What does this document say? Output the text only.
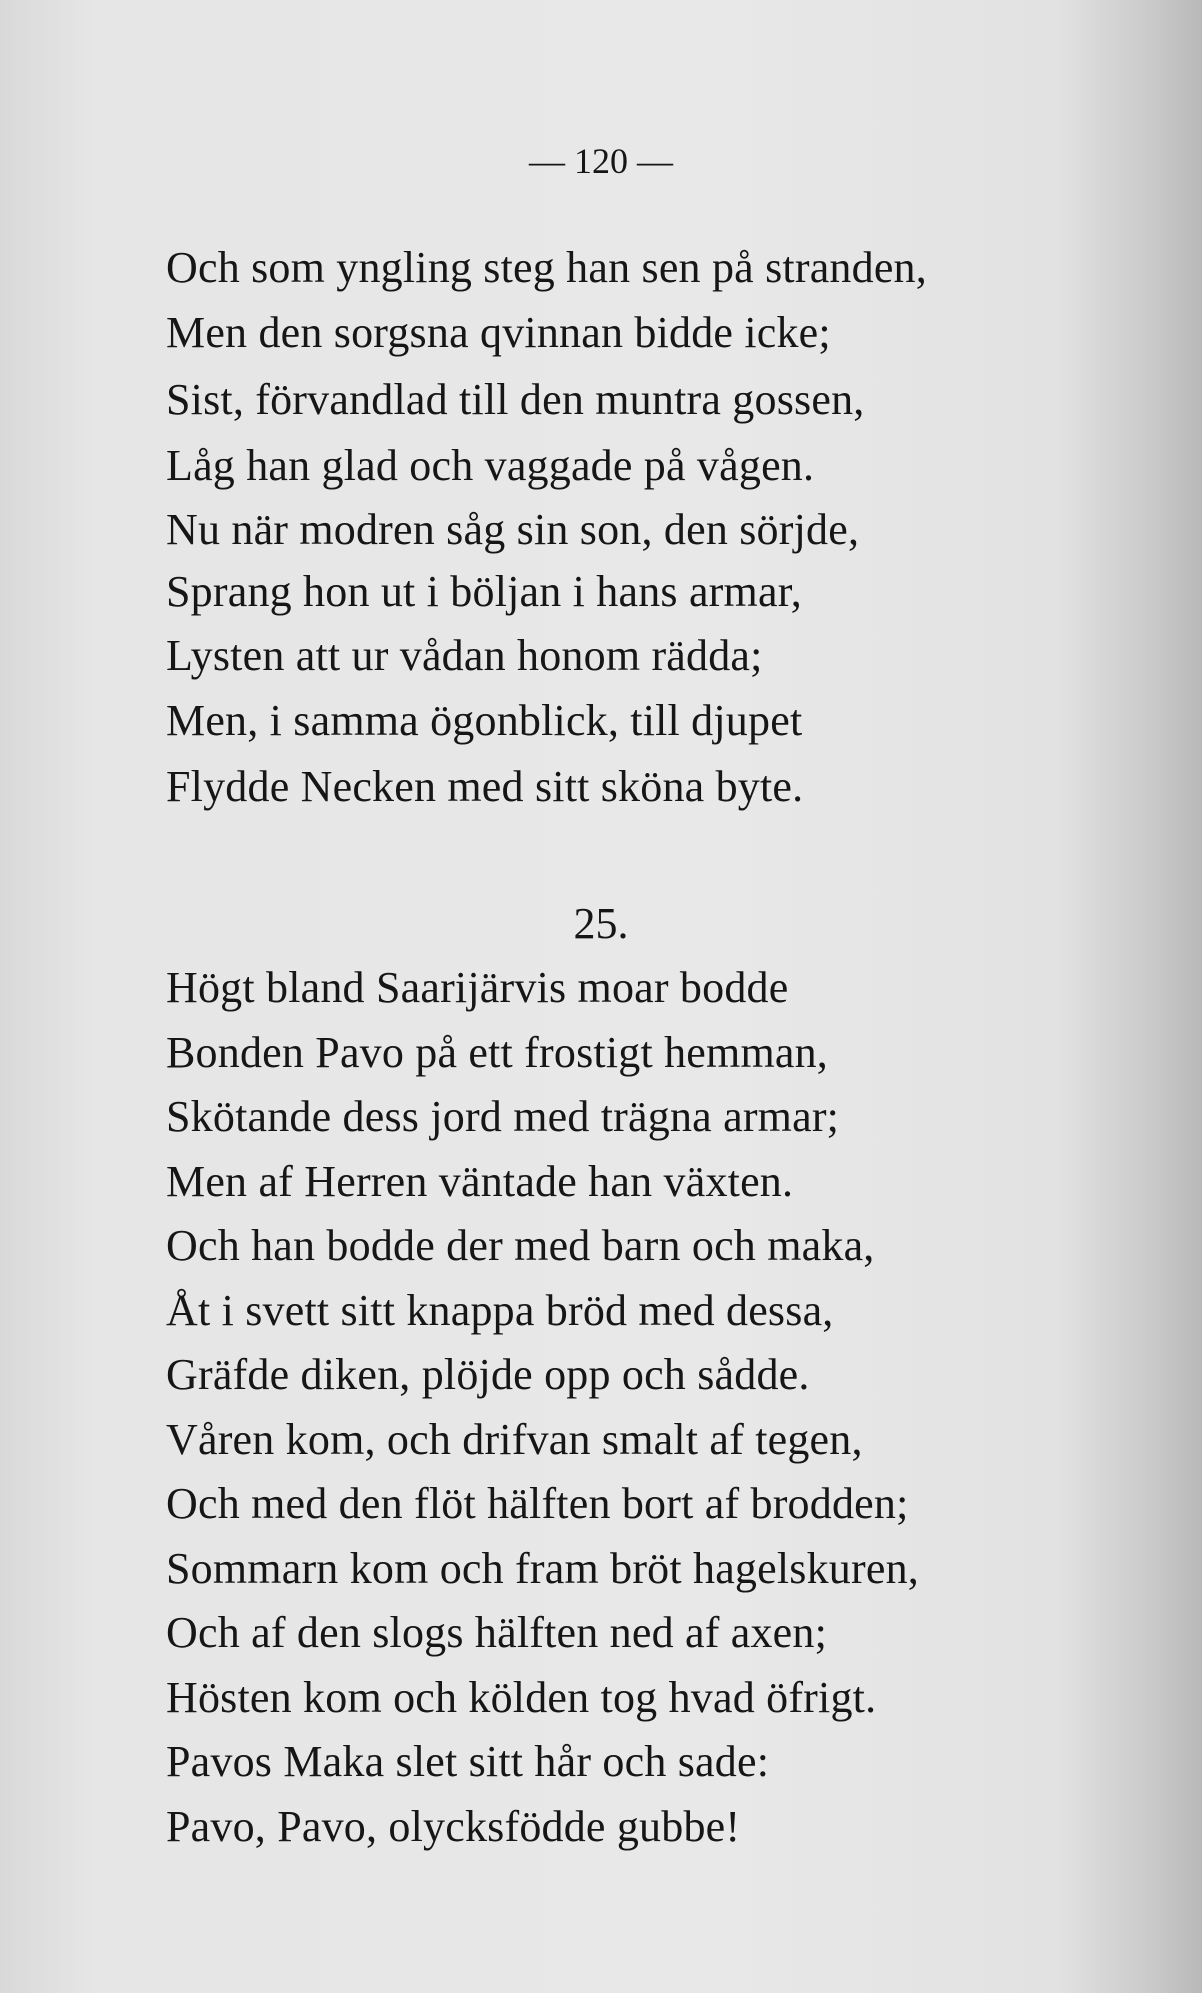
— 120 —
Och som yngling steg han sen på stranden,
Men den sorgsna qvinnan bidde icke;
Sist, förvandlad till den muntra gossen,
Låg han glad och vaggade på vågen.
Nu när modren såg sin son, den sörjde,
Sprang hon ut i böljan i hans armar,
Lysten att ur vådan honom rädda;
Men, i samma ögonblick, till djupet
Flydde Necken med sitt sköna byte.
Högt bland Saarijärvis moar bodde
Bonden Pavo på ett frostigt hemman,
Skötande dess jord med trägna armar;
Men af Herren väntade han växten.
Och han bodde der med barn och maka,
Åt i svett sitt knappa bröd med dessa,
Gräfde diken, plöjde opp och sådde.
Våren kom, och drifvan smalt af tegen,
Och med den flöt hälften bort af brodden;
Sommarn kom och fram bröt hagelskuren,
Och af den slogs hälften ned af axen;
Hösten kom och kölden tog hvad öfrigt.
Pavos Maka slet sitt hår och sade:
Pavo, Pavo, olycksfödde gubbe!
25.
